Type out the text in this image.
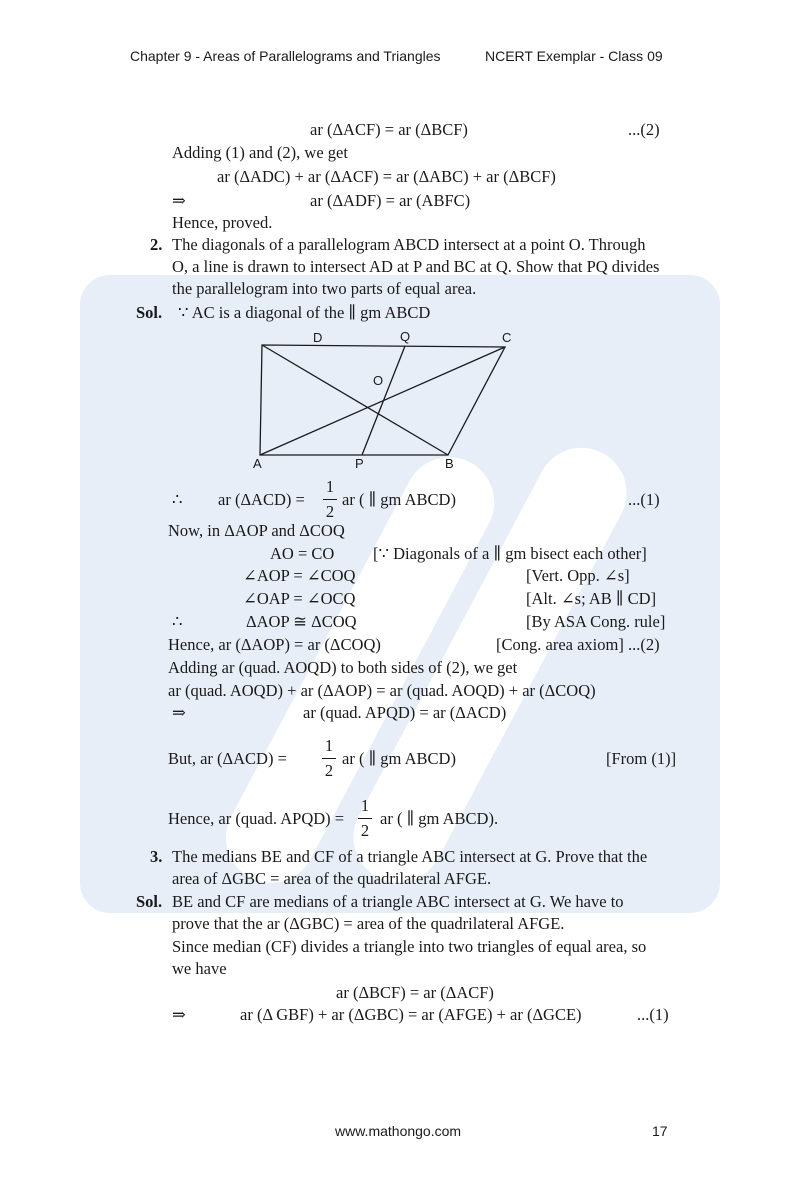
Chapter 9 - Areas of Parallelograms and Triangles	NCERT Exemplar - Class 09
ar (ΔACF) = ar (ΔBCF)	...(2)
Adding (1) and (2), we get
ar (ΔADC) + ar (ΔACF) = ar (ΔABC) + ar (ΔBCF)
⇒	ar (ΔADF) = ar (ABFC)
Hence, proved.
2. The diagonals of a parallelogram ABCD intersect at a point O. Through
O, a line is drawn to intersect AD at P and BC at Q. Show that PQ divides
the parallelogram into two parts of equal area.
Sol. ∵ AC is a diagonal of the ∥ gm ABCD
A	B
C
D
O
P
Q
∴ ar (ΔACD) =
1
2
ar ( ∥ gm ABCD)	...(1)
Now, in ΔAOP and ΔCOQ
AO = CO [∵ Diagonals of a ∥ gm bisect each other]
∠AOP = ∠COQ	[Vert. Opp. ∠s]
∠OAP = ∠OCQ	[Alt. ∠s; AB ∥ CD]
∴	ΔAOP ≅ ΔCOQ	[By ASA Cong. rule]
Hence, ar (ΔAOP) = ar (ΔCOQ)	[Cong. area axiom] ...(2)
Adding ar (quad. AOQD) to both sides of (2), we get
ar (quad. AOQD) + ar (ΔAOP) = ar (quad. AOQD) + ar (ΔCOQ)
⇒	ar (quad. APQD) = ar (ΔACD)
But, ar (ΔACD) =
1
2
ar ( ∥ gm ABCD)	[From (1)]
Hence, ar (quad. APQD) =
1
2
ar ( ∥ gm ABCD).
3. The medians BE and CF of a triangle ABC intersect at G. Prove that the
area of ΔGBC = area of the quadrilateral AFGE.
Sol. BE and CF are medians of a triangle ABC intersect at G. We have to
prove that the ar (ΔGBC) = area of the quadrilateral AFGE.
Since median (CF) divides a triangle into two triangles of equal area, so
we have
ar (ΔBCF) = ar (ΔACF)
⇒	ar (Δ GBF) + ar (ΔGBC) = ar (AFGE) + ar (ΔGCE)	...(1)
www.mathongo.com	17
